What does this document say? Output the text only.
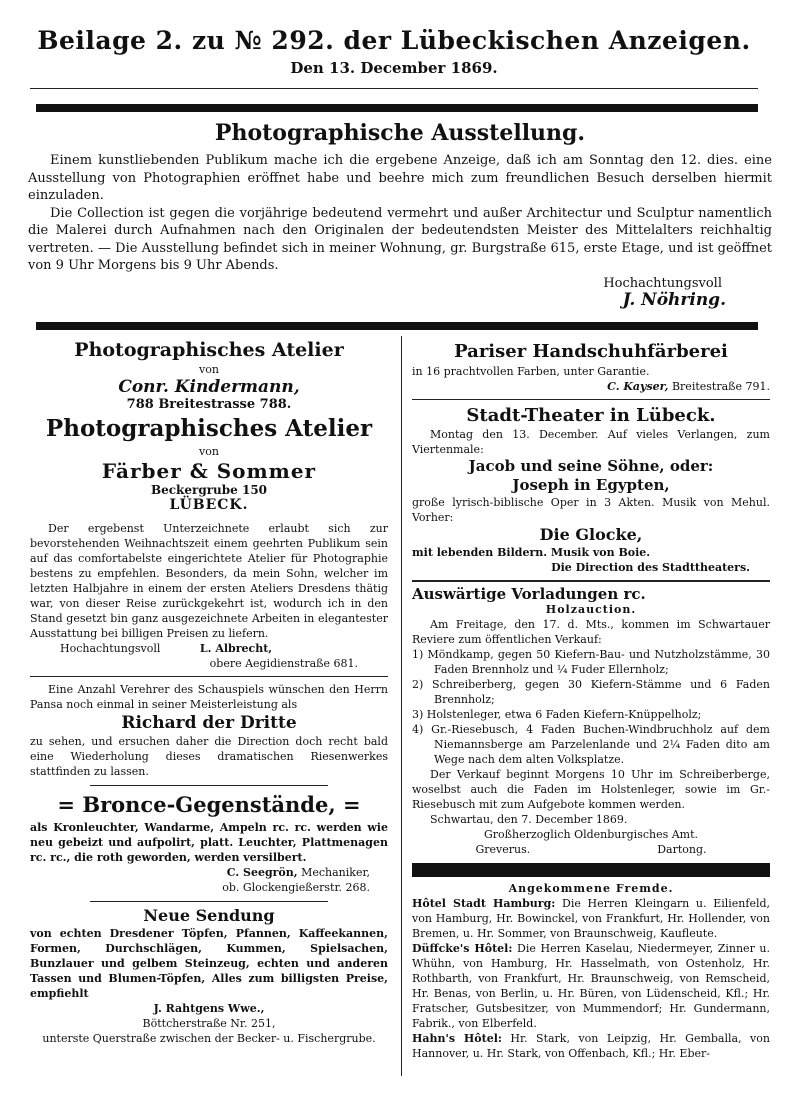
Beilage 2. zu № 292. der Lübeckischen Anzeigen.
Den 13. December 1869.
Photographische Ausstellung.

Einem kunstliebenden Publikum mache ich die ergebene Anzeige, daß ich am Sonntag den 12. dies. eine Ausstellung von Photographien eröffnet habe und beehre mich zum freundlichen Besuch derselben hiermit einzuladen.

Die Collection ist gegen die vorjährige bedeutend vermehrt und außer Architectur und Sculptur namentlich die Malerei durch Aufnahmen nach den Originalen der bedeutendsten Meister des Mittelalters reichhaltig vertreten. — Die Ausstellung befindet sich in meiner Wohnung, gr. Burgstraße 615, erste Etage, und ist geöffnet von 9 Uhr Morgens bis 9 Uhr Abends.

Hochachtungsvoll
J. Nöhring.
Photographisches Atelier
von
Conr. Kindermann,
788 Breitestrasse 788.
Photographisches Atelier
von
Färber & Sommer
Beckergrube 150
LÜBECK.
Der ergebenst Unterzeichnete erlaubt sich zur bevorstehenden Weihnachtszeit einem geehrten Publikum sein auf das comfortabelste eingerichtete Atelier für Photographie bestens zu empfehlen. Besonders, da mein Sohn, welcher im letzten Halbjahre in einem der ersten Ateliers Dresdens thätig war, von dieser Reise zurückgekehrt ist, wodurch ich in den Stand gesetzt bin ganz ausgezeichnete Arbeiten in elegantester Ausstattung bei billigen Preisen zu liefern.
Hochachtungsvoll	L. Albrecht,
obere Aegidienstraße 681.
Eine Anzahl Verehrer des Schauspiels wünschen den Herrn Pansa noch einmal in seiner Meisterleistung als
Richard der Dritte
zu sehen, und ersuchen daher die Direction doch recht bald eine Wiederholung dieses dramatischen Riesenwerkes stattfinden zu lassen.
= Bronce-Gegenstände, =
als Kronleuchter, Wandarme, Ampeln rc. rc. werden wie neu gebeizt und aufpolirt, platt. Leuchter, Plattmenagen rc. rc., die roth geworden, werden versilbert.
C. Seegrön, Mechaniker,
ob. Glockengießerstr. 268.
Neue Sendung
von echten Dresdener Töpfen, Pfannen, Kaffeekannen, Formen, Durchschlägen, Kummen, Spielsachen, Bunzlauer und gelbem Steinzeug, echten und anderen Tassen und Blumen-Töpfen, Alles zum billigsten Preise, empfiehlt
J. Rahtgens Wwe.,
Böttcherstraße Nr. 251,
unterste Querstraße zwischen der Becker- u. Fischergrube.
Pariser Handschuhfärberei
in 16 prachtvollen Farben, unter Garantie.
C. Kayser, Breitestraße 791.
Stadt-Theater in Lübeck.
Montag den 13. December. Auf vieles Verlangen, zum Viertenmale:
Jacob und seine Söhne, oder:
Joseph in Egypten,
große lyrisch-biblische Oper in 3 Akten. Musik von Mehul. Vorher:
Die Glocke,
mit lebenden Bildern. Musik von Boie.
Die Direction des Stadttheaters.
Auswärtige Vorladungen rc.
Holzauction.
Am Freitage, den 17. d. Mts., kommen im Schwartauer Reviere zum öffentlichen Verkauf:
1) Möndkamp, gegen 50 Kiefern-Bau- und Nutzholzstämme, 30 Faden Brennholz und ¼ Fuder Ellernholz;
2) Schreiberberg, gegen 30 Kiefern-Stämme und 6 Faden Brennholz;
3) Holstenleger, etwa 6 Faden Kiefern-Knüppelholz;
4) Gr.-Riesebusch, 4 Faden Buchen-Windbruchholz auf dem Niemannsberge am Parzelenlande und 2¼ Faden dito am Wege nach dem alten Volksplatze.
Der Verkauf beginnt Morgens 10 Uhr im Schreiberberge, woselbst auch die Faden im Holstenleger, sowie im Gr.-Riesebusch mit zum Aufgebote kommen werden.
Schwartau, den 7. December 1869.
Großherzoglich Oldenburgisches Amt.
Greverus.	Dartong.
Angekommene Fremde.
Hôtel Stadt Hamburg: Die Herren Kleingarn u. Eilienfeld, von Hamburg, Hr. Bowinckel, von Frankfurt, Hr. Hollender, von Bremen, u. Hr. Sommer, von Braunschweig, Kaufleute.
Düffcke's Hôtel: Die Herren Kaselau, Niedermeyer, Zinner u. Whühn, von Hamburg, Hr. Hasselmath, von Ostenholz, Hr. Rothbarth, von Frankfurt, Hr. Braunschweig, von Remscheid, Hr. Benas, von Berlin, u. Hr. Büren, von Lüdenscheid, Kfl.; Hr. Fratscher, Gutsbesitzer, von Mummendorf; Hr. Gundermann, Fabrik., von Elberfeld.
Hahn's Hôtel: Hr. Stark, von Leipzig, Hr. Gemballa, von Hannover, u. Hr. Stark, von Offenbach, Kfl.; Hr. Eber-
